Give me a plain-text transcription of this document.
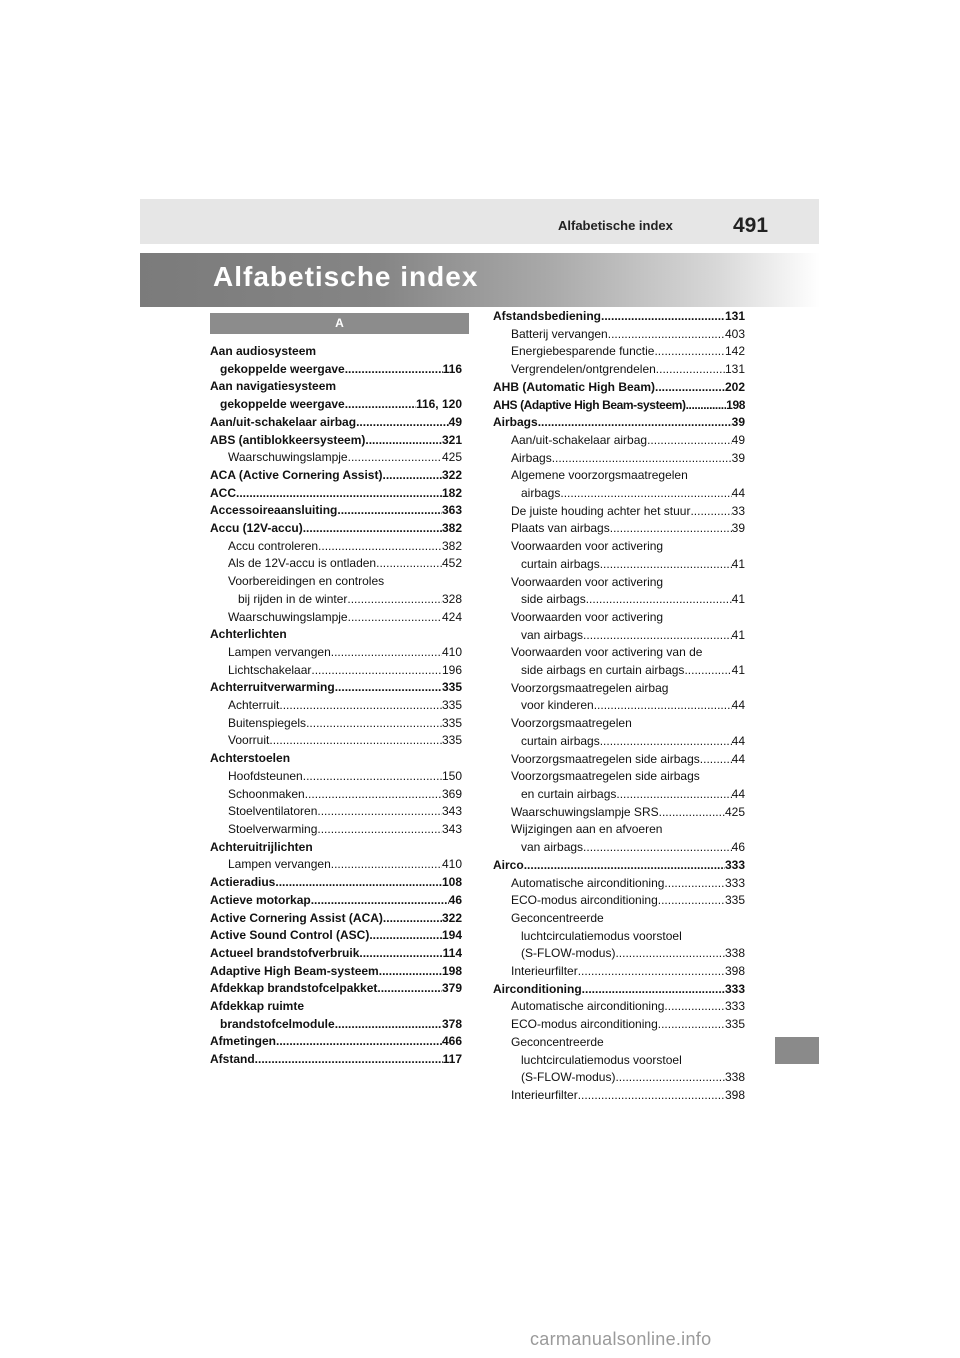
Alfabetische index	491
Alfabetische index
A
Aan audiosysteem
gekoppelde weergave .....	116
Aan navigatiesysteem
gekoppelde weergave .....	116, 120
Aan/uit-schakelaar airbag .....	49
ABS (antiblokkeersysteem) .....	321
Waarschuwingslampje .....	425
ACA (Active Cornering Assist) .....	322
ACC .....	182
Accessoireaansluiting .....	363
Accu (12V-accu) .....	382
Accu controleren .....	382
Als de 12V-accu is ontladen .....	452
Voorbereidingen en controles
bij rijden in de winter .....	328
Waarschuwingslampje .....	424
Achterlichten
Lampen vervangen .....	410
Lichtschakelaar .....	196
Achterruitverwarming .....	335
Achterruit .....	335
Buitenspiegels .....	335
Voorruit .....	335
Achterstoelen
Hoofdsteunen .....	150
Schoonmaken .....	369
Stoelventilatoren .....	343
Stoelverwarming .....	343
Achteruitrijlichten
Lampen vervangen .....	410
Actieradius .....	108
Actieve motorkap .....	46
Active Cornering Assist (ACA) .....	322
Active Sound Control (ASC) .....	194
Actueel brandstofverbruik .....	114
Adaptive High Beam-systeem .....	198
Afdekkap brandstofcelpakket .....	379
Afdekkap ruimte
brandstofcelmodule .....	378
Afmetingen .....	466
Afstand .....	117
Afstandsbediening .....	131
Batterij vervangen .....	403
Energiebesparende functie .....	142
Vergrendelen/ontgrendelen .....	131
AHB (Automatic High Beam) .....	202
AHS (Adaptive High Beam-systeem) .....	198
Airbags .....	39
Aan/uit-schakelaar airbag .....	49
Airbags .....	39
Algemene voorzorgsmaatregelen
airbags .....	44
De juiste houding achter het stuur .....	33
Plaats van airbags .....	39
Voorwaarden voor activering
curtain airbags .....	41
Voorwaarden voor activering
side airbags .....	41
Voorwaarden voor activering
van airbags .....	41
Voorwaarden voor activering van de
side airbags en curtain airbags .....	41
Voorzorgsmaatregelen airbag
voor kinderen .....	44
Voorzorgsmaatregelen
curtain airbags .....	44
Voorzorgsmaatregelen side airbags .....	44
Voorzorgsmaatregelen side airbags
en curtain airbags .....	44
Waarschuwingslampje SRS .....	425
Wijzigingen aan en afvoeren
van airbags .....	46
Airco .....	333
Automatische airconditioning .....	333
ECO-modus airconditioning .....	335
Geconcentreerde
luchtcirculatiemodus voorstoel
(S-FLOW-modus) .....	338
Interieurfilter .....	398
Airconditioning .....	333
Automatische airconditioning .....	333
ECO-modus airconditioning .....	335
Geconcentreerde
luchtcirculatiemodus voorstoel
(S-FLOW-modus) .....	338
Interieurfilter .....	398
carmanualsonline.info
